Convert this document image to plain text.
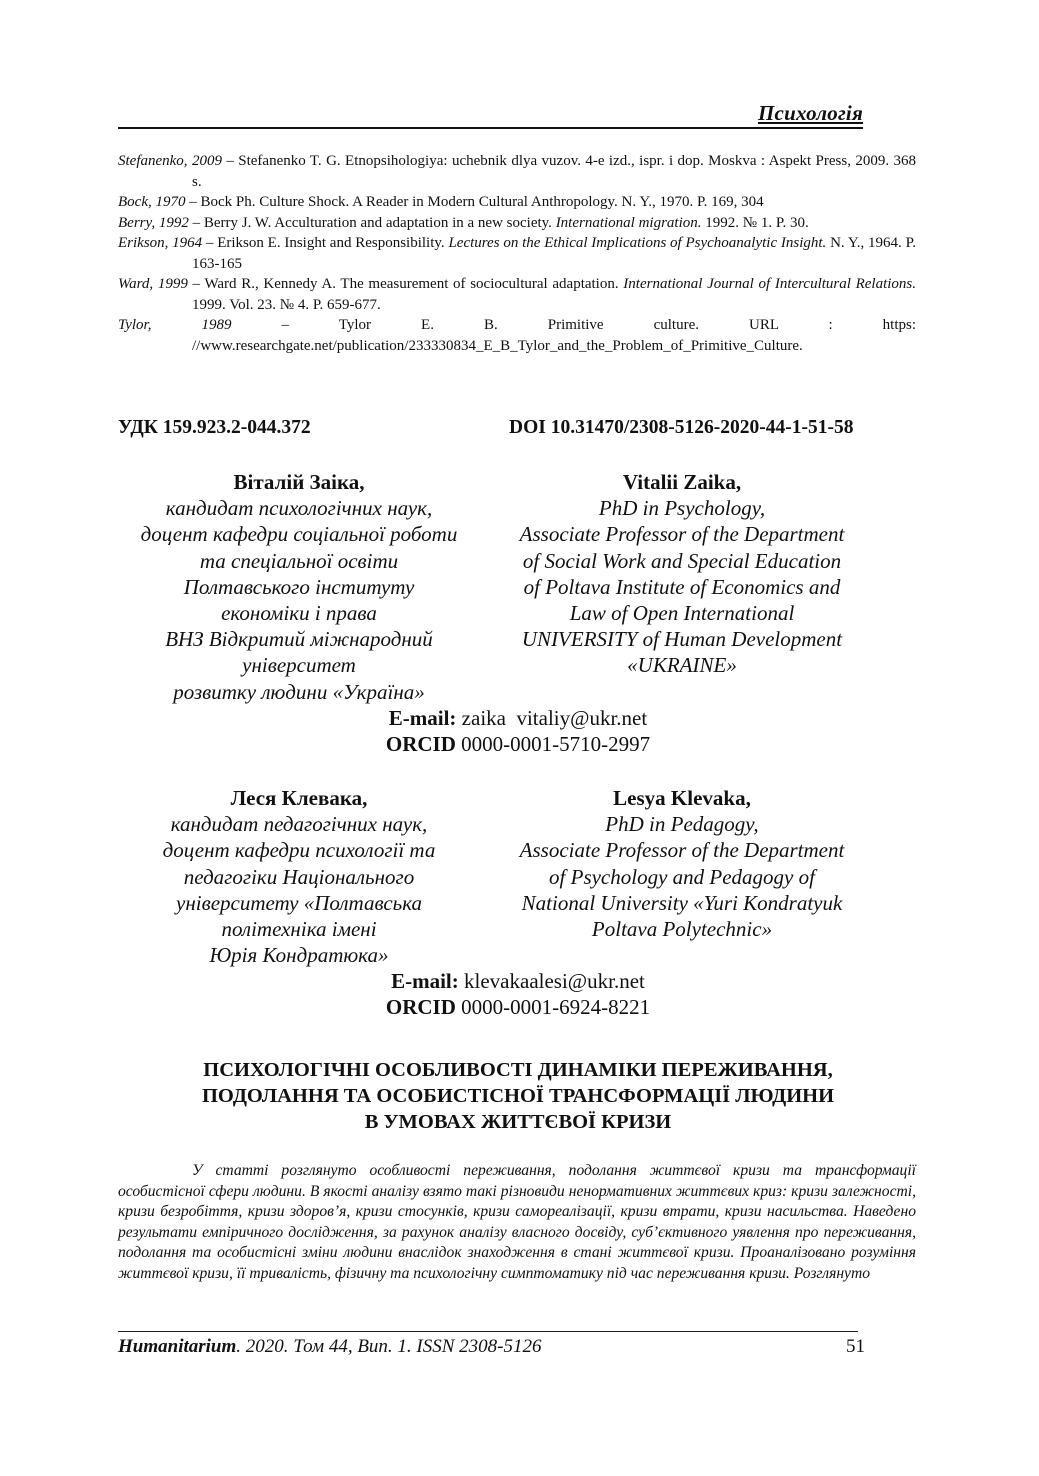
Психологія

Stefanenko, 2009 – Stefanenko T. G. Etnopsihologiya: uchebnik dlya vuzov. 4-e izd., ispr. i dop. Moskva : Aspekt Press, 2009. 368 s.

Bock, 1970 – Bock Ph. Culture Shock. A Reader in Modern Cultural Anthropology. N. Y., 1970. P. 169, 304

Berry, 1992 – Berry J. W. Acculturation and adaptation in a new society. International migration. 1992. № 1. P. 30.

Erikson, 1964 – Erikson E. Insight and Responsibility. Lectures on the Ethical Implications of Psychoanalytic Insight. N. Y., 1964. P. 163-165

Ward, 1999 – Ward R., Kennedy A. The measurement of sociocultural adaptation. International Journal of Intercultural Relations. 1999. Vol. 23. № 4. P. 659-677.

Tylor, 1989 – Tylor E. B. Primitive culture. URL : https: //www.researchgate.net/publication/233330834_E_B_Tylor_and_the_Problem_of_Primitive_Culture.

УДК 159.923.2-044.372	DOI 10.31470/2308-5126-2020-44-1-51-58
Віталій Заіка,
кандидат психологічних наук,
доцент кафедри соціальної роботи
та спеціальної освіти
Полтавського інституту
економіки і права
ВНЗ Відкритий міжнародний
університет
розвитку людини «Україна»
Vitalii Zaika,
PhD in Psychology,
Associate Professor of the Department
of Social Work and Special Education
of Poltava Institute of Economics and
Law of Open International
UNIVERSITY of Human Development
«UKRAINE»
E-mail: zaika  vitaliy@ukr.net
ORCID 0000-0001-5710-2997
Леся Клевака,
кандидат педагогічних наук,
доцент кафедри психології та
педагогіки Національного
університету «Полтавська
політехніка імені
Юрія Кондратюка»
Lesya Klevaka,
PhD in Pedagogy,
Associate Professor of the Department
of Psychology and Pedagogy of
National University «Yuri Kondratyuk
Poltava Polytechnic»
E-mail: klevakaalesi@ukr.net
ORCID 0000-0001-6924-8221
ПСИХОЛОГІЧНІ ОСОБЛИВОСТІ ДИНАМІКИ ПЕРЕЖИВАННЯ,
ПОДОЛАННЯ ТА ОСОБИСТІСНОЇ ТРАНСФОРМАЦІЇ ЛЮДИНИ
В УМОВАХ ЖИТТЄВОЇ КРИЗИ

У статті розглянуто особливості переживання, подолання життєвої кризи та трансформації особистісної сфери людини. В якості аналізу взято такі різновиди ненормативних життєвих криз: кризи залежності, кризи безробіття, кризи здоров’я, кризи стосунків, кризи самореалізації, кризи втрати, кризи насильства. Наведено результати емпіричного дослідження, за рахунок аналізу власного досвіду, суб’єктивного уявлення про переживання, подолання та особистісні зміни людини внаслідок знаходження в стані життєвої кризи. Проаналізовано розуміння життєвої кризи, її тривалість, фізичну та психологічну симптоматику під час переживання кризи. Розглянуто

Humanitarium. 2020. Том 44, Вип. 1. ISSN 2308-5126	51
